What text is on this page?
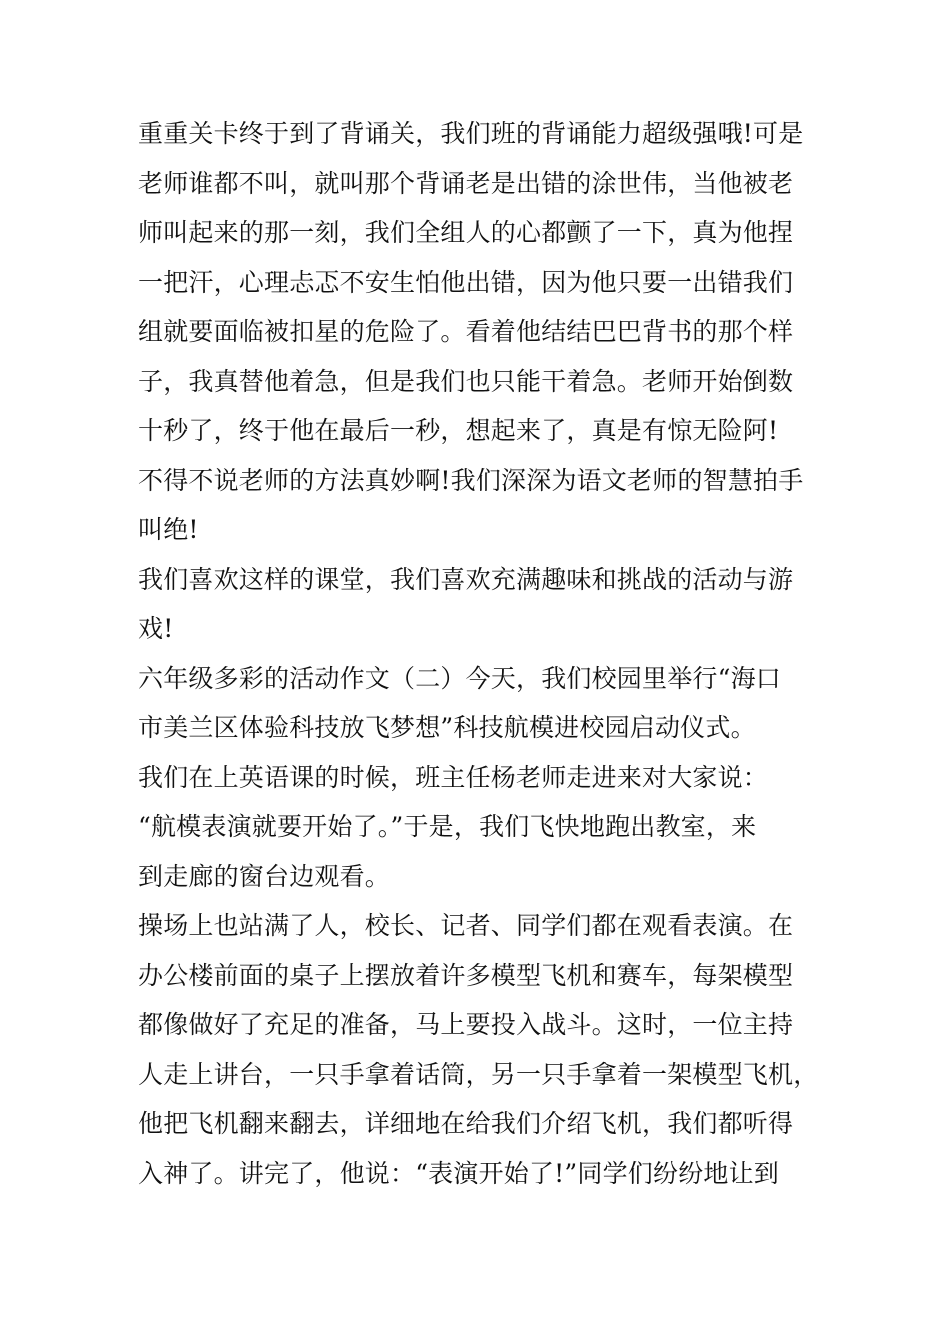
重重关卡终于到了背诵关，我们班的背诵能力超级强哦!可是
老师谁都不叫，就叫那个背诵老是出错的涂世伟，当他被老
师叫起来的那一刻，我们全组人的心都颤了一下，真为他捏
一把汗，心理忐忑不安生怕他出错，因为他只要一出错我们
组就要面临被扣星的危险了。看着他结结巴巴背书的那个样
子，我真替他着急，但是我们也只能干着急。老师开始倒数
十秒了，终于他在最后一秒，想起来了，真是有惊无险阿!
不得不说老师的方法真妙啊!我们深深为语文老师的智慧拍手
叫绝!
我们喜欢这样的课堂，我们喜欢充满趣味和挑战的活动与游
戏!
六年级多彩的活动作文（二）今天，我们校园里举行“海口
市美兰区体验科技放飞梦想”科技航模进校园启动仪式。
我们在上英语课的时候，班主任杨老师走进来对大家说：
“航模表演就要开始了。”于是，我们飞快地跑出教室，来
到走廊的窗台边观看。
操场上也站满了人，校长、记者、同学们都在观看表演。在
办公楼前面的桌子上摆放着许多模型飞机和赛车，每架模型
都像做好了充足的准备，马上要投入战斗。这时，一位主持
人走上讲台，一只手拿着话筒，另一只手拿着一架模型飞机，
他把飞机翻来翻去，详细地在给我们介绍飞机，我们都听得
入神了。讲完了，他说：“表演开始了!”同学们纷纷地让到
